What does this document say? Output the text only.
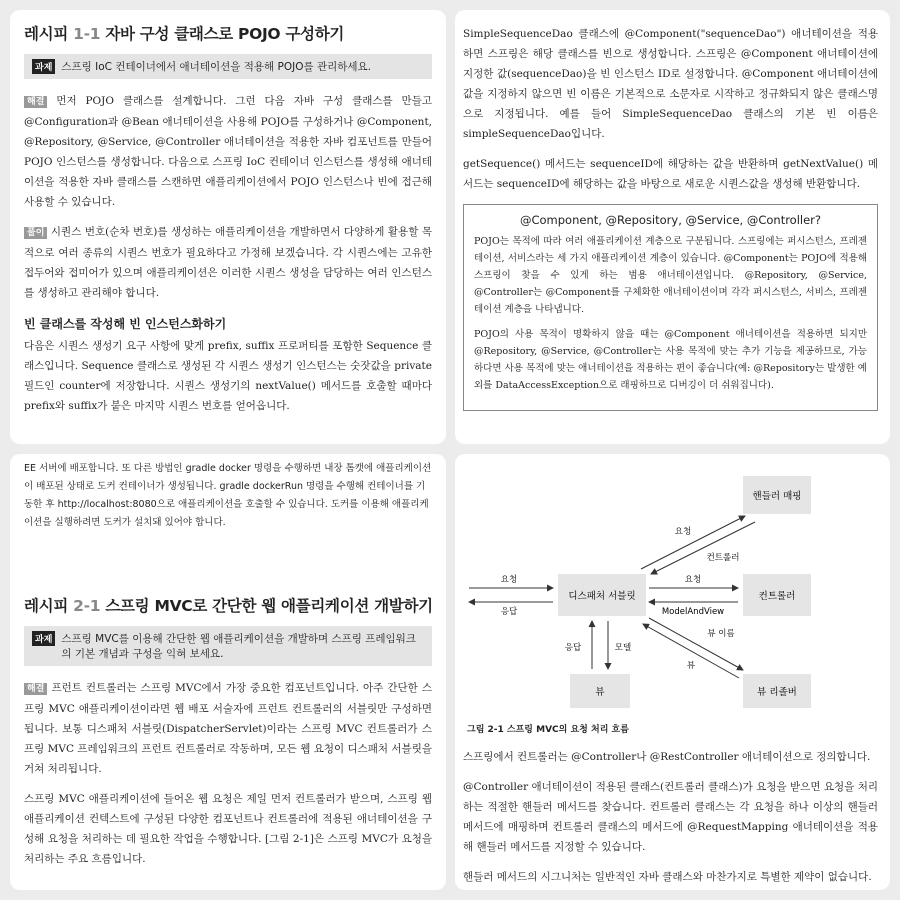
레시피 1-1 자바 구성 클래스로 POJO 구성하기
과제 스프링 IoC 컨테이너에서 애너테이션을 적용해 POJO를 관리하세요.

해결 먼저 POJO 클래스를 설계합니다. 그런 다음 자바 구성 클래스를 만들고 @Configuration과 @Bean 애너테이션을 사용해 POJO를 구성하거나 @Component, @Repository, @Service, @Controller 애너테이션을 적용한 자바 컴포넌트를 만들어 POJO 인스턴스를 생성합니다. 다음으로 스프링 IoC 컨테이너 인스턴스를 생성해 애너테이션을 적용한 자바 클래스를 스캔하면 애플리케이션에서 POJO 인스턴스나 빈에 접근해 사용할 수 있습니다.

풀이 시퀀스 번호(순차 번호)를 생성하는 애플리케이션을 개발하면서 다양하게 활용할 목적으로 여러 종류의 시퀀스 번호가 필요하다고 가정해 보겠습니다. 각 시퀀스에는 고유한 접두어와 접미어가 있으며 애플리케이션은 이러한 시퀀스 생성을 담당하는 여러 인스턴스를 생성하고 관리해야 합니다.

빈 클래스를 작성해 빈 인스턴스화하기

다음은 시퀀스 생성기 요구 사항에 맞게 prefix, suffix 프로퍼티를 포함한 Sequence 클래스입니다. Sequence 클래스로 생성된 각 시퀀스 생성기 인스턴스는 숫잣값을 private 필드인 counter에 저장합니다. 시퀀스 생성기의 nextValue() 메서드를 호출할 때마다 prefix와 suffix가 붙은 마지막 시퀀스 번호를 얻어옵니다.

SimpleSequenceDao 클래스에 @Component("sequenceDao") 애너테이션을 적용하면 스프링은 해당 클래스를 빈으로 생성합니다. 스프링은 @Component 애너테이션에 지정한 값(sequenceDao)을 빈 인스턴스 ID로 설정합니다. @Component 애너테이션에 값을 지정하지 않으면 빈 이름은 기본적으로 소문자로 시작하고 정규화되지 않은 클래스명으로 지정됩니다. 예를 들어 SimpleSequenceDao 클래스의 기본 빈 이름은 simpleSequenceDao입니다.

getSequence() 메서드는 sequenceID에 해당하는 값을 반환하며 getNextValue() 메서드는 sequenceID에 해당하는 값을 바탕으로 새로운 시퀀스값을 생성해 반환합니다.

@Component, @Repository, @Service, @Controller?

POJO는 목적에 따라 여러 애플리케이션 계층으로 구분됩니다. 스프링에는 퍼시스턴스, 프레젠테이션, 서비스라는 세 가지 애플리케이션 계층이 있습니다. @Component는 POJO에 적용해 스프링이 찾을 수 있게 하는 범용 애너테이션입니다. @Repository, @Service, @Controller는 @Component를 구체화한 애너테이션이며 각각 퍼시스턴스, 서비스, 프레젠테이션 계층을 나타냅니다.

POJO의 사용 목적이 명확하지 않을 때는 @Component 애너테이션을 적용하면 되지만 @Repository, @Service, @Controller는 사용 목적에 맞는 추가 기능을 제공하므로, 가능하다면 사용 목적에 맞는 애너테이션을 적용하는 편이 좋습니다(예: @Repository는 발생한 예외를 DataAccessException으로 래핑하므로 디버깅이 더 쉬워집니다).

EE 서버에 배포합니다. 또 다른 방법인 gradle docker 명령을 수행하면 내장 톰캣에 애플리케이션이 배포된 상태로 도커 컨테이너가 생성됩니다. gradle dockerRun 명령을 수행해 컨테이너를 기동한 후 http://localhost:8080으로 애플리케이션을 호출할 수 있습니다. 도커를 이용해 애플리케이션을 실행하려면 도커가 설치돼 있어야 합니다.

레시피 2-1 스프링 MVC로 간단한 웹 애플리케이션 개발하기
과제 스프링 MVC를 이용해 간단한 웹 애플리케이션을 개발하며 스프링 프레임워크의 기본 개념과 구성을 익혀 보세요.

해결 프런트 컨트롤러는 스프링 MVC에서 가장 중요한 컴포넌트입니다. 아주 간단한 스프링 MVC 애플리케이션이라면 웹 배포 서술자에 프런트 컨트롤러의 서블릿만 구성하면 됩니다. 보통 디스패처 서블릿(DispatcherServlet)이라는 스프링 MVC 컨트롤러가 스프링 MVC 프레임워크의 프런트 컨트롤러로 작동하며, 모든 웹 요청이 디스패처 서블릿을 거쳐 처리됩니다.

스프링 MVC 애플리케이션에 들어온 웹 요청은 제일 먼저 컨트롤러가 받으며, 스프링 웹 애플리케이션 컨텍스트에 구성된 다양한 컴포넌트나 컨트롤러에 적용된 애너테이션을 구성해 요청을 처리하는 데 필요한 작업을 수행합니다. [그림 2-1]은 스프링 MVC가 요청을 처리하는 주요 흐름입니다.

핸들러 매핑
디스패처 서블릿	컨트롤러
뷰	뷰 리졸버
요청
응답
요청
컨트롤러
요청
ModelAndView
뷰 이름
뷰
응답	모델
그림 2-1 스프링 MVC의 요청 처리 흐름

스프링에서 컨트롤러는 @Controller나 @RestController 애너테이션으로 정의합니다.

@Controller 애너테이션이 적용된 클래스(컨트롤러 클래스)가 요청을 받으면 요청을 처리하는 적절한 핸들러 메서드를 찾습니다. 컨트롤러 클래스는 각 요청을 하나 이상의 핸들러 메서드에 매핑하며 컨트롤러 클래스의 메서드에 @RequestMapping 애너테이션을 적용해 핸들러 메서드를 지정할 수 있습니다.

핸들러 메서드의 시그니처는 일반적인 자바 클래스와 마찬가지로 특별한 제약이 없습니다.
